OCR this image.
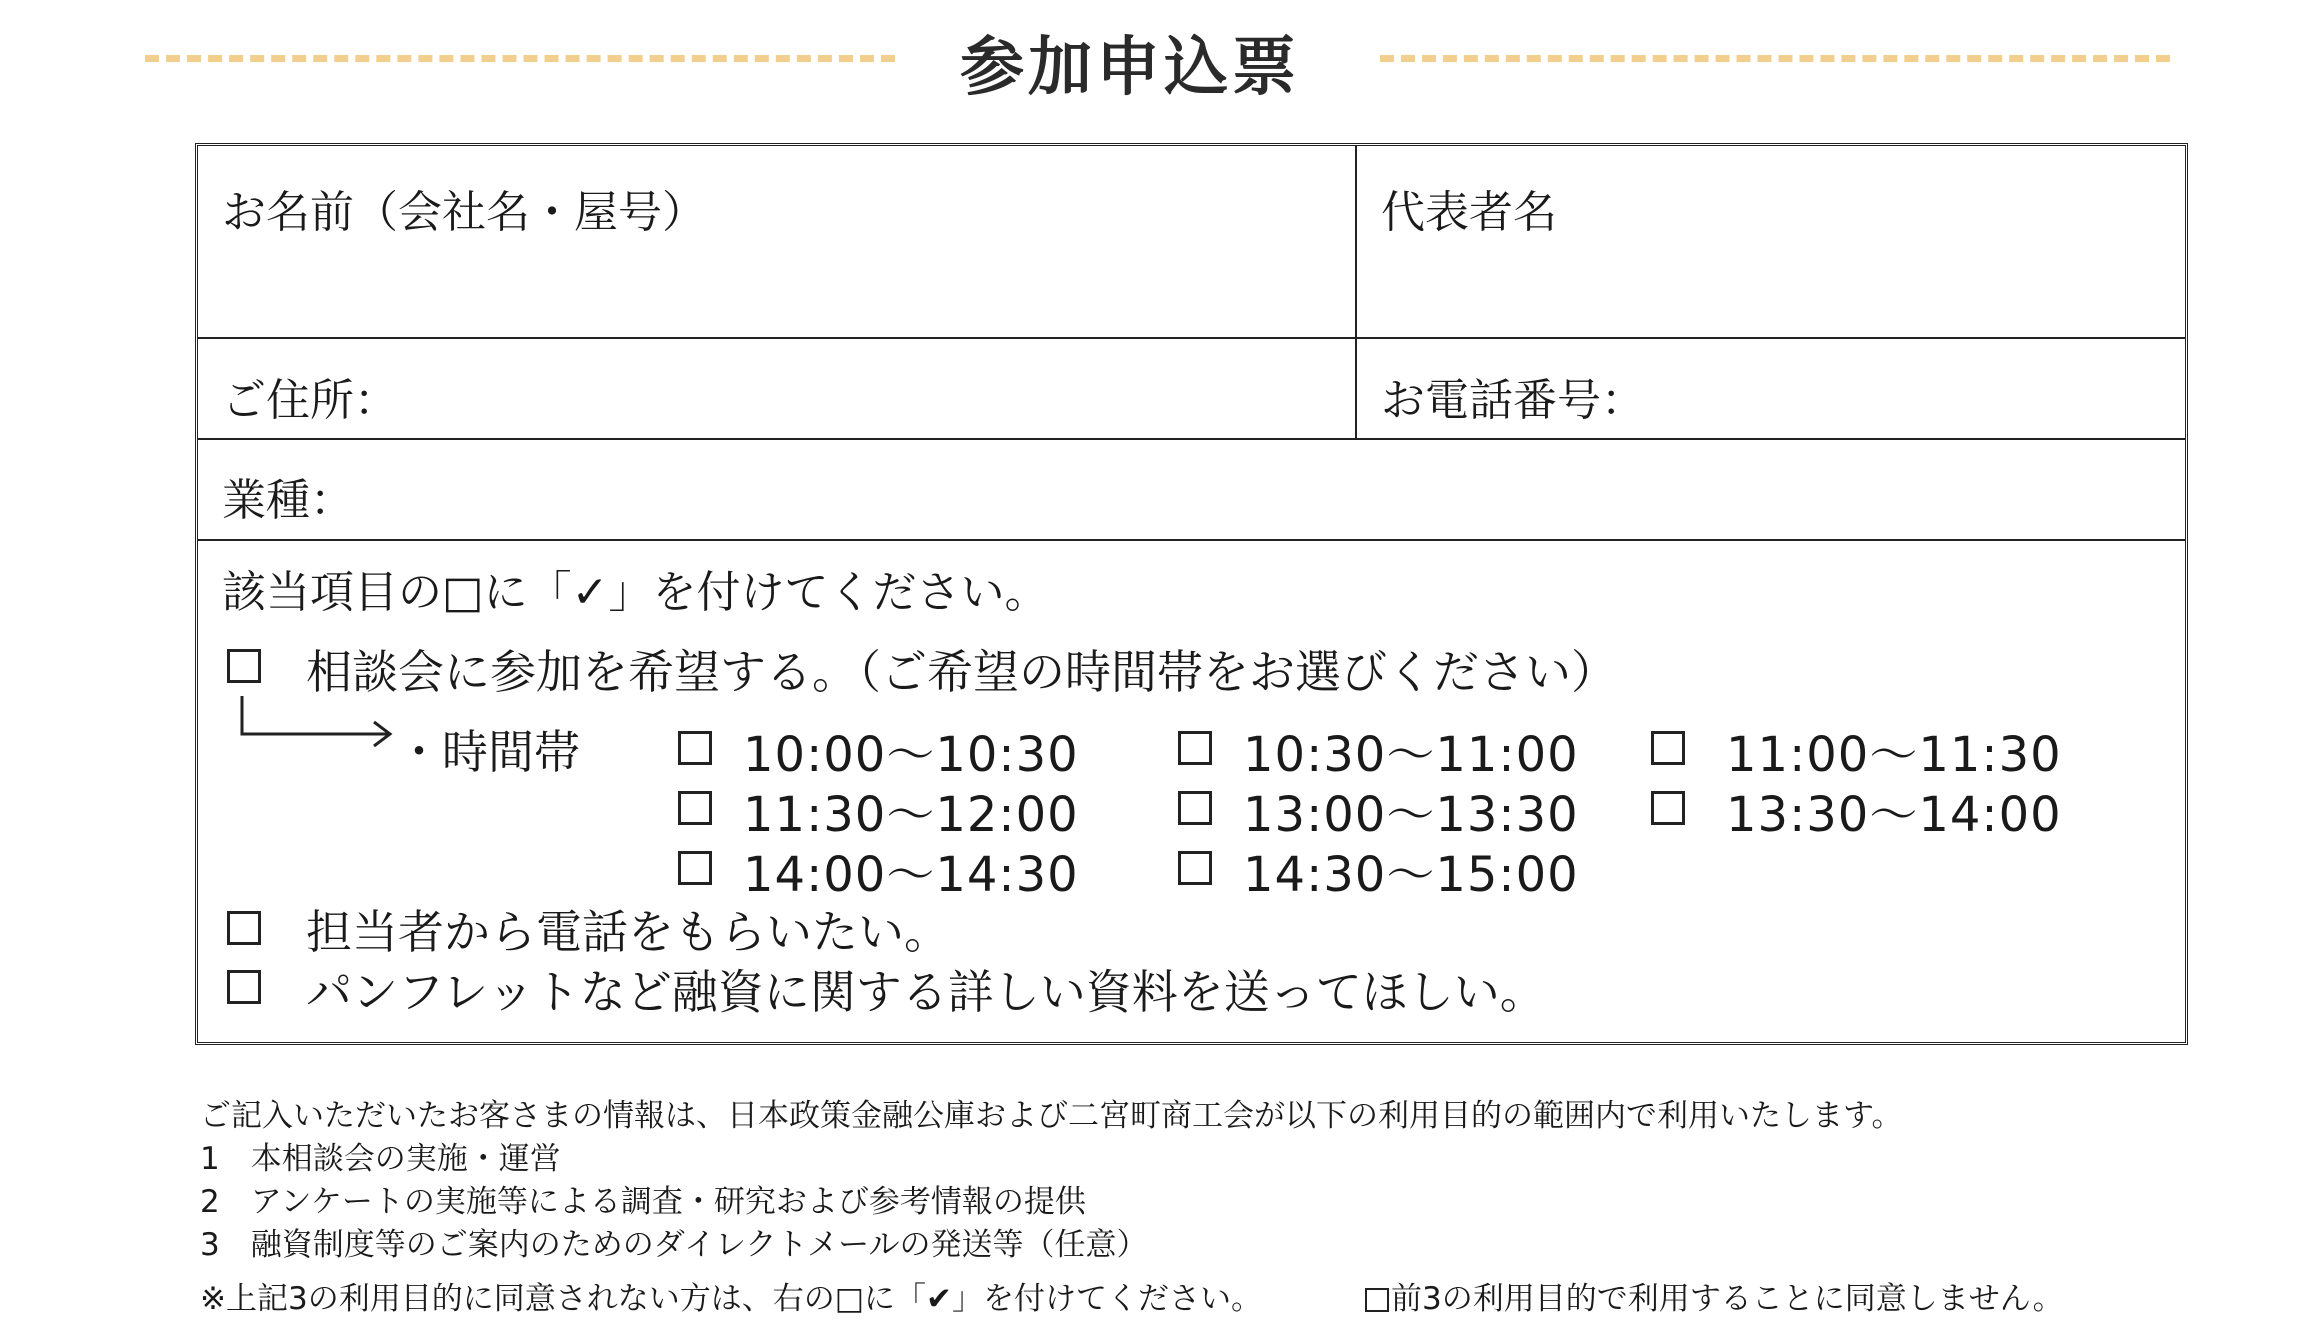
参加申込票
お名前（会社名・屋号）	代表者名
ご住所：	お電話番号：
業種：
該当項目の□に「✓」を付けてください。
相談会に参加を希望する。（ご希望の時間帯をお選びください）
・時間帯	10:00〜10:30	10:30〜11:00	11:00〜11:30
11:30〜12:00	13:00〜13:30	13:30〜14:00
14:00〜14:30	14:30〜15:00
担当者から電話をもらいたい。
パンフレットなど融資に関する詳しい資料を送ってほしい。
ご記入いただいたお客さまの情報は、日本政策金融公庫および二宮町商工会が以下の利用目的の範囲内で利用いたします。
1　本相談会の実施・運営
2　アンケートの実施等による調査・研究および参考情報の提供
3　融資制度等のご案内のためのダイレクトメールの発送等（任意）
※上記3の利用目的に同意されない方は、右の□に「✔」を付けてください。	前3の利用目的で利用することに同意しません。
